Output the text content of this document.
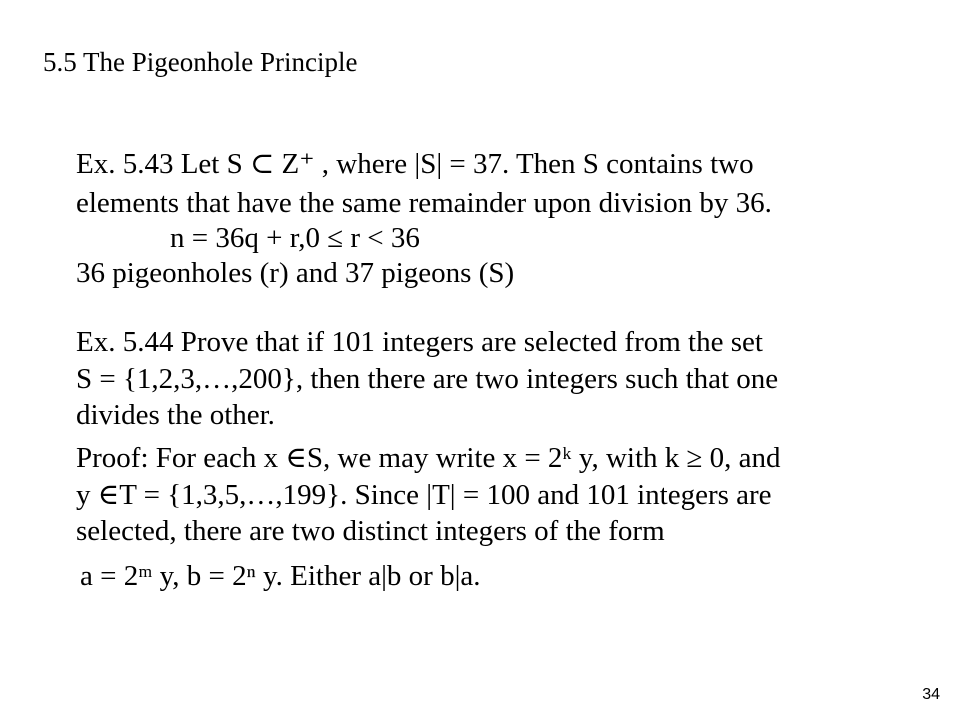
5.5 The Pigeonhole Principle
Ex. 5.43 Let S ⊂ Z⁺ , where |S| = 37. Then S contains two
elements that have the same remainder upon division by 36.
n = 36q + r,0 ≤ r < 36
36 pigeonholes (r) and 37 pigeons (S)
Ex. 5.44 Prove that if 101 integers are selected from the set
S = {1,2,3,…,200}, then there are two integers such that one
divides the other.
Proof: For each x ∈S, we may write x = 2ᵏ y, with k ≥ 0, and
y ∈T = {1,3,5,…,199}. Since |T| = 100 and 101 integers are
selected, there are two distinct integers of the form
a = 2ᵐ y, b = 2ⁿ y. Either a|b or b|a.
34
